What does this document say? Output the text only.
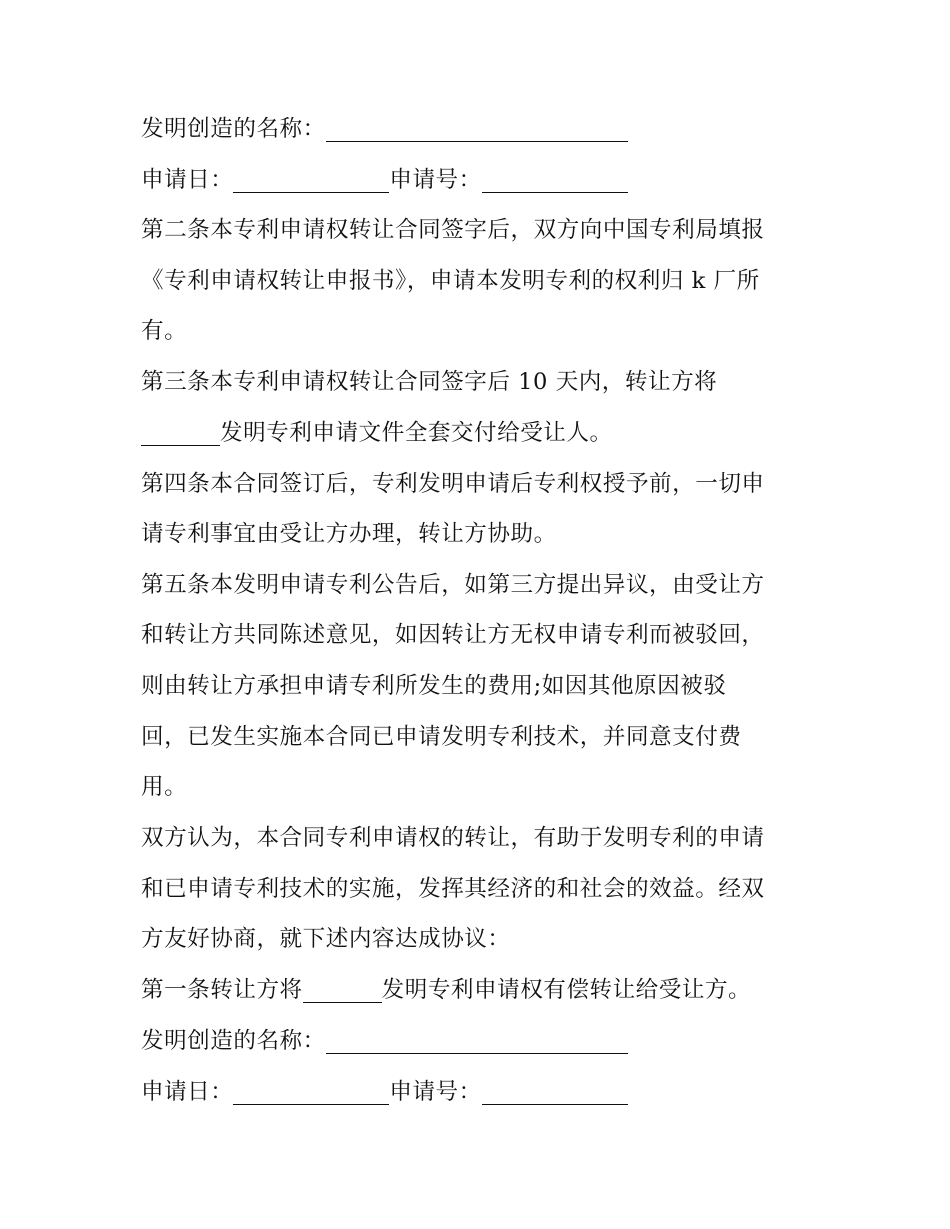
发明创造的名称：
申请日：	申请号：
第二条本专利申请权转让合同签字后，双方向中国专利局填报
《专利申请权转让申报书》，申请本发明专利的权利归 k 厂所
有。
第三条本专利申请权转让合同签字后 10 天内，转让方将
发明专利申请文件全套交付给受让人。
第四条本合同签订后，专利发明申请后专利权授予前，一切申
请专利事宜由受让方办理，转让方协助。
第五条本发明申请专利公告后，如第三方提出异议，由受让方
和转让方共同陈述意见，如因转让方无权申请专利而被驳回，
则由转让方承担申请专利所发生的费用;如因其他原因被驳
回，已发生实施本合同已申请发明专利技术，并同意支付费
用。
双方认为，本合同专利申请权的转让，有助于发明专利的申请
和已申请专利技术的实施，发挥其经济的和社会的效益。经双
方友好协商，就下述内容达成协议：
第一条转让方将	发明专利申请权有偿转让给受让方。
发明创造的名称：
申请日：	申请号：
